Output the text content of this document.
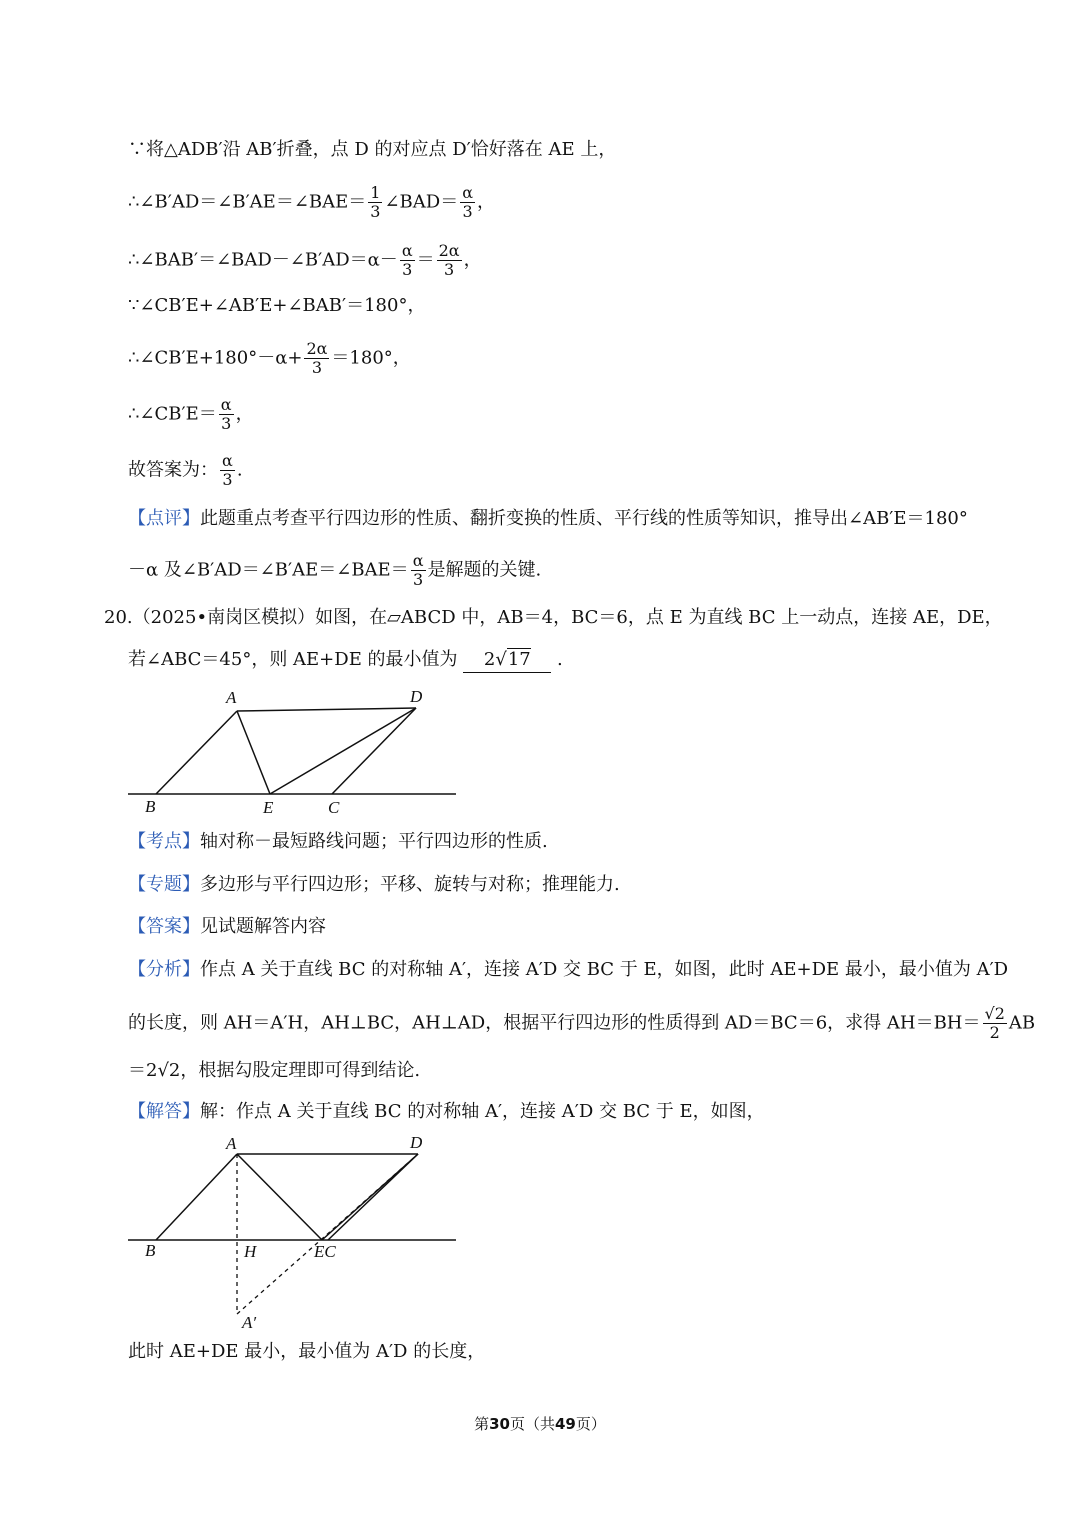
∵将△ADB′沿 AB′折叠，点 D 的对应点 D′恰好落在 AE 上，
∴∠B′AD＝∠B′AE＝∠BAE＝ $\frac{1}{3}$ ∠BAD＝ $\frac{\alpha}{3}$ ，
∴∠BAB′＝∠BAD－∠B′AD＝α－ $\frac{\alpha}{3} = \frac{2\alpha}{3}$ ，
∵∠CB′E+∠AB′E+∠BAB′＝180°，
∴∠CB′E+180°－α+ $\frac{2\alpha}{3} =180^\circ$，
∴∠CB′E＝ $\frac{\alpha}{3}$ ，
故答案为： $\frac{\alpha}{3}$ .
【点评】此题重点考查平行四边形的性质、翻折变换的性质、平行线的性质等知识，推导出∠AB′E＝180°
－α 及∠B′AD＝∠B′AE＝∠BAE＝ $\frac{\alpha}{3}$ 是解题的关键.
20.（2025•南岗区模拟）如图，在▱ABCD 中，AB＝4，BC＝6，点 E 为直线 BC 上一动点，连接 AE，DE，
若∠ABC＝45°，则 AE+DE 的最小值为 2√17 .
A	D
B	E	C
【考点】轴对称－最短路线问题；平行四边形的性质.
【专题】多边形与平行四边形；平移、旋转与对称；推理能力.
【答案】见试题解答内容
【分析】作点 A 关于直线 BC 的对称轴 A′，连接 A′D 交 BC 于 E，如图，此时 AE+DE 最小，最小值为 A′D
的长度，则 AH＝A′H，AH⊥BC，AH⊥AD，根据平行四边形的性质得到 AD＝BC＝6，求得 $AH=BH= \frac{√2}{2}$ AB
＝2√2，根据勾股定理即可得到结论.
【解答】解：作点 A 关于直线 BC 的对称轴 A′，连接 A′D 交 BC 于 E，如图，
A	D
B	H	EC
A′
此时 AE+DE 最小，最小值为 A′D 的长度，
第30页（共49页）
